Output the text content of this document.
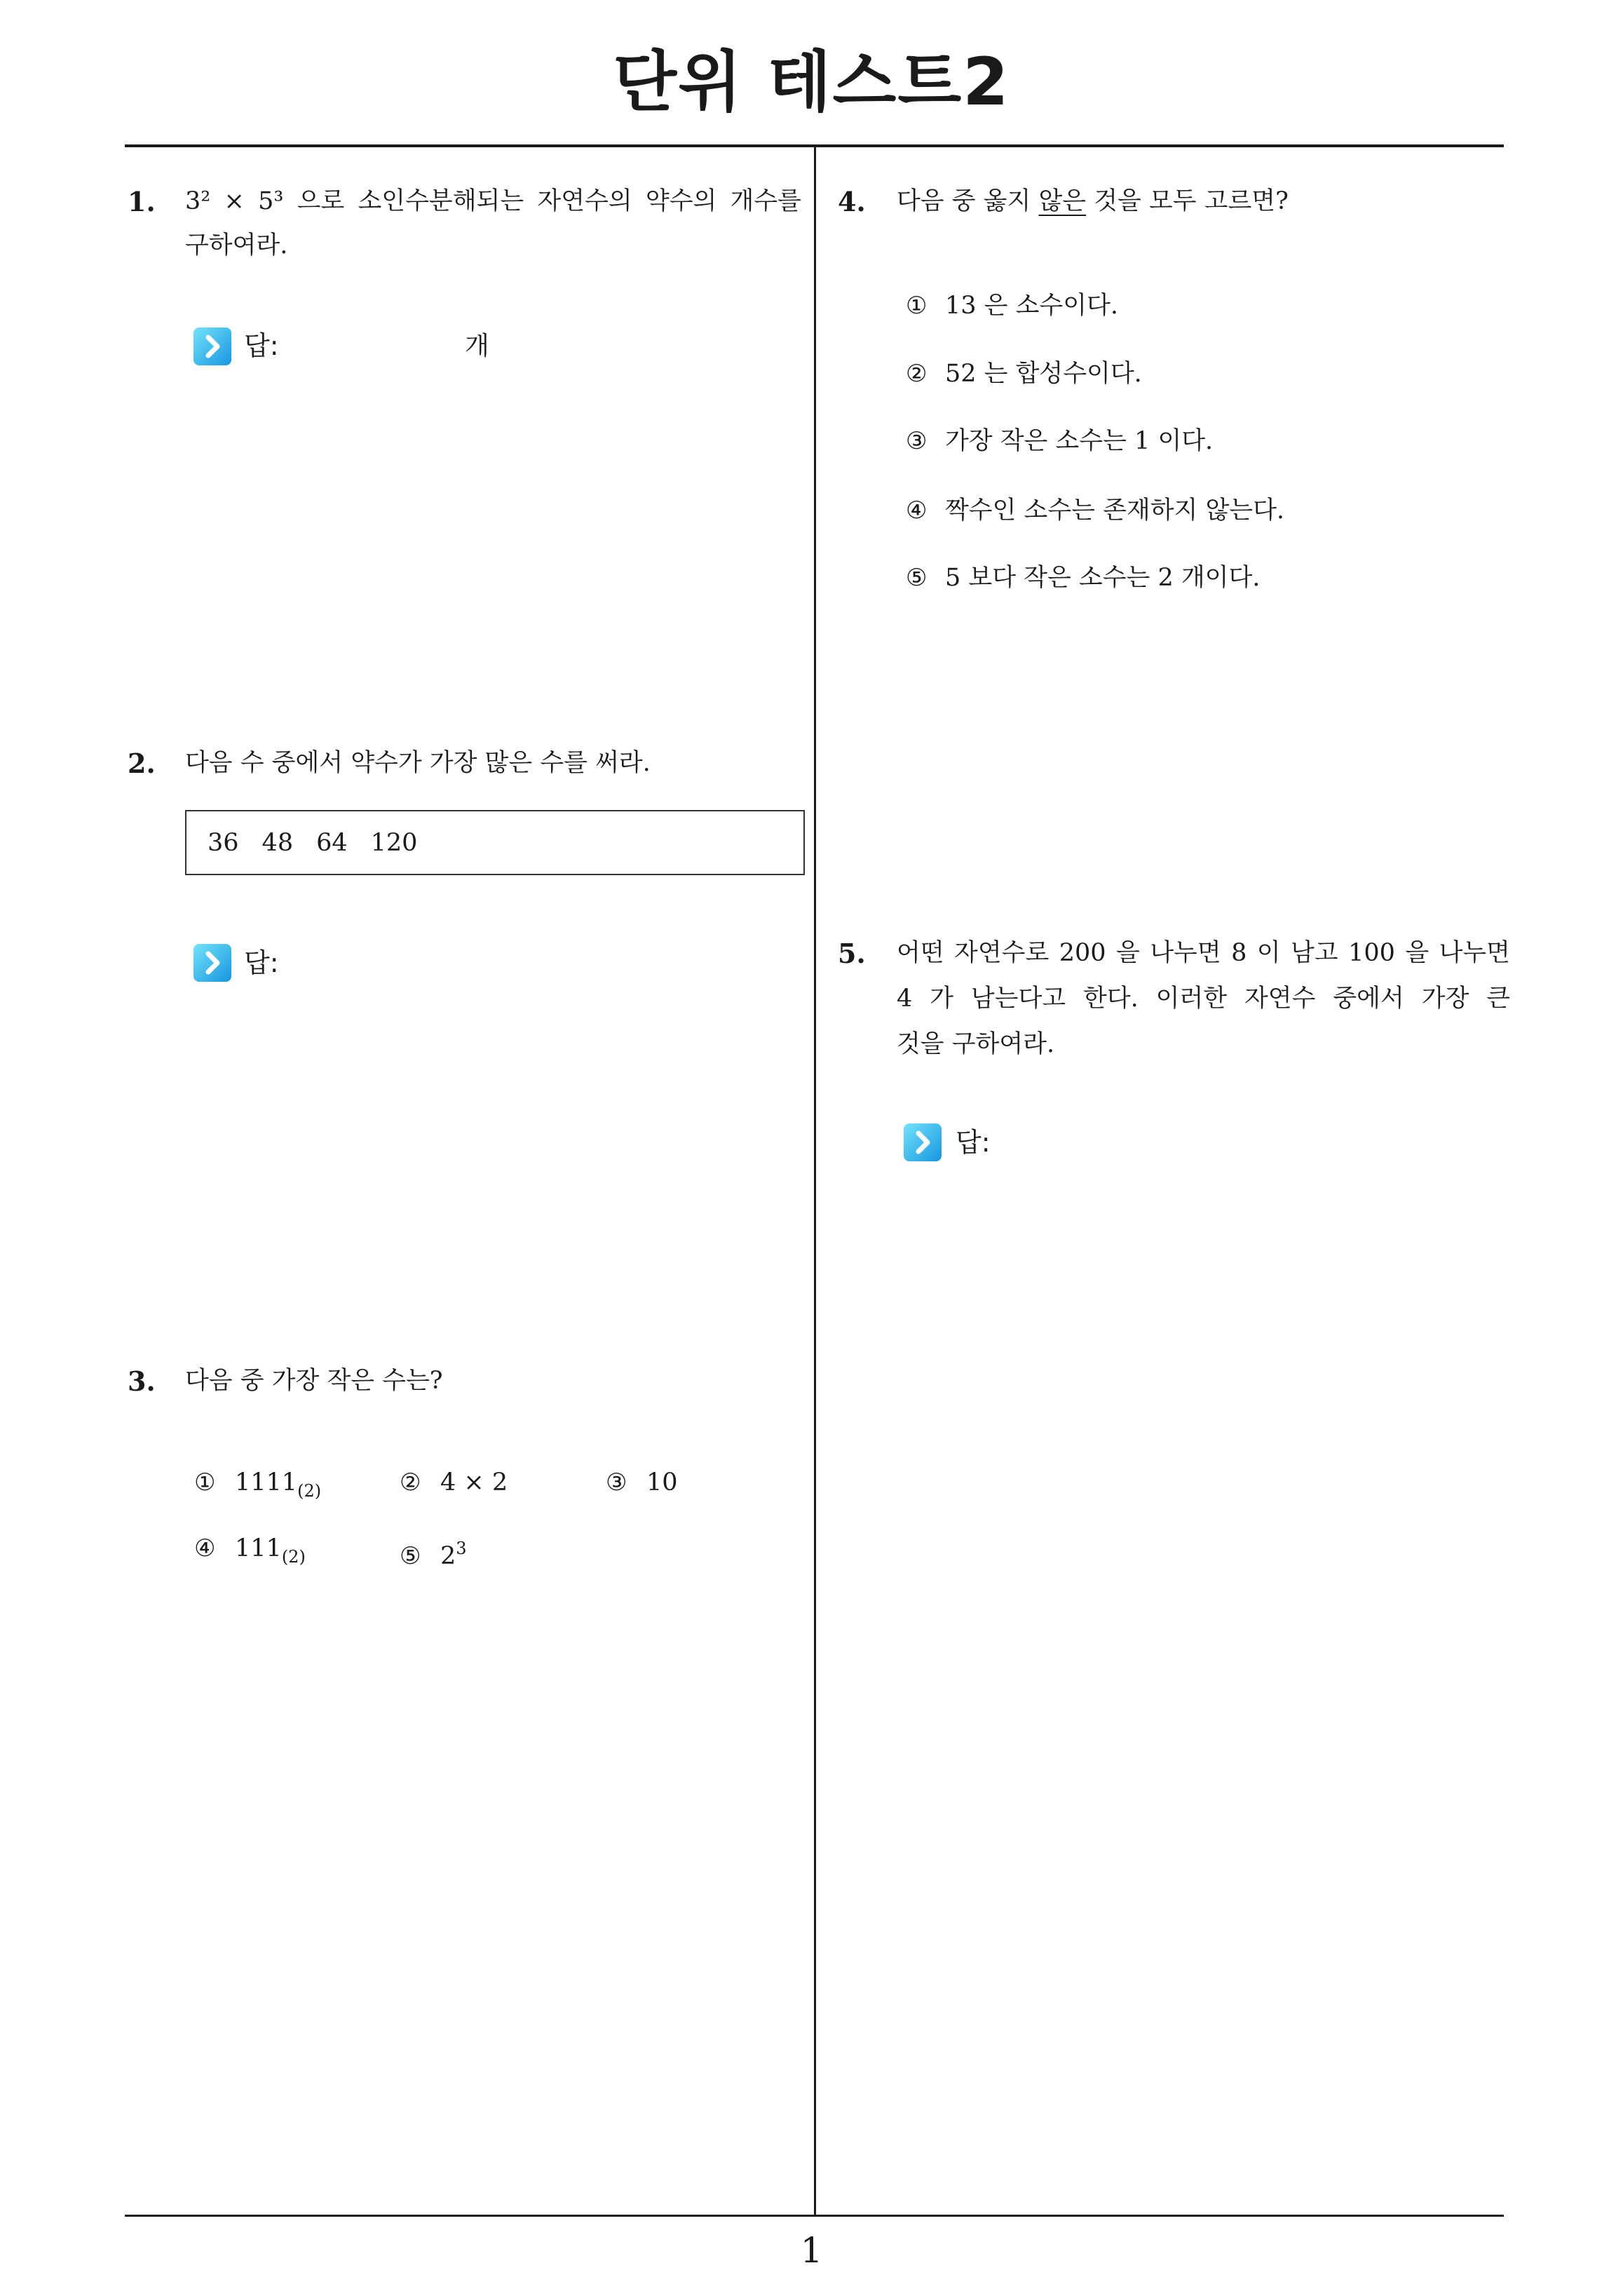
단위 테스트2
1. 3² × 5³ 으로 소인수분해되는 자연수의 약수의 개수를
구하여라.
답:	개
2. 다음 수 중에서 약수가 가장 많은 수를 써라.
36 48 64 120
답:
3. 다음 중 가장 작은 수는?
① $1111_{(2)}$	② 4 × 2	③ 10
④ $111_{(2)}$	⑤ $2^3$
4. 다음 중 옳지 않은 것을 모두 고르면?
① 13 은 소수이다.
② 52 는 합성수이다.
③ 가장 작은 소수는 1 이다.
④ 짝수인 소수는 존재하지 않는다.
⑤ 5 보다 작은 소수는 2 개이다.
5. 어떤 자연수로 200 을 나누면 8 이 남고 100 을 나누면
4 가 남는다고 한다. 이러한 자연수 중에서 가장 큰
것을 구하여라.
답:
1
